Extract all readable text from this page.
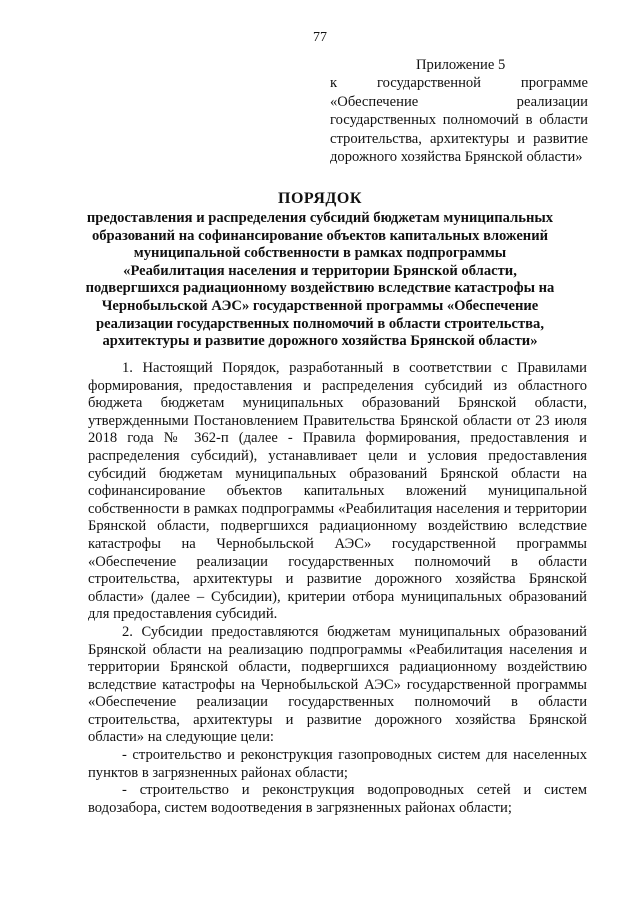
77
Приложение 5
к государственной программе «Обеспечение реализации государственных полномочий в области строительства, архитектуры и развитие дорожного хозяйства Брянской области»
ПОРЯДОК
предоставления и распределения субсидий бюджетам муниципальных образований на софинансирование объектов капитальных вложений муниципальной собственности в рамках подпрограммы «Реабилитация населения и территории Брянской области, подвергшихся радиационному воздействию вследствие катастрофы на Чернобыльской АЭС» государственной программы «Обеспечение реализации государственных полномочий в области строительства, архитектуры и развитие дорожного хозяйства Брянской области»

1. Настоящий Порядок, разработанный в соответствии с Правилами формирования, предоставления и распределения субсидий из областного бюджета бюджетам муниципальных образований Брянской области, утвержденными Постановлением Правительства Брянской области от 23 июля 2018 года № 362-п (далее - Правила формирования, предоставления и распределения субсидий), устанавливает цели и условия предоставления субсидий бюджетам муниципальных образований Брянской области на софинансирование объектов капитальных вложений муниципальной собственности в рамках подпрограммы «Реабилитация населения и территории Брянской области, подвергшихся радиационному воздействию вследствие катастрофы на Чернобыльской АЭС» государственной программы «Обеспечение реализации государственных полномочий в области строительства, архитектуры и развитие дорожного хозяйства Брянской области» (далее – Субсидии), критерии отбора муниципальных образований для предоставления субсидий.

2. Субсидии предоставляются бюджетам муниципальных образований Брянской области на реализацию подпрограммы «Реабилитация населения и территории Брянской области, подвергшихся радиационному воздействию вследствие катастрофы на Чернобыльской АЭС» государственной программы «Обеспечение реализации государственных полномочий в области строительства, архитектуры и развитие дорожного хозяйства Брянской области» на следующие цели:

- строительство и реконструкция газопроводных систем для населенных пунктов в загрязненных районах области;

- строительство и реконструкция водопроводных сетей и систем водозабора, систем водоотведения в загрязненных районах области;
